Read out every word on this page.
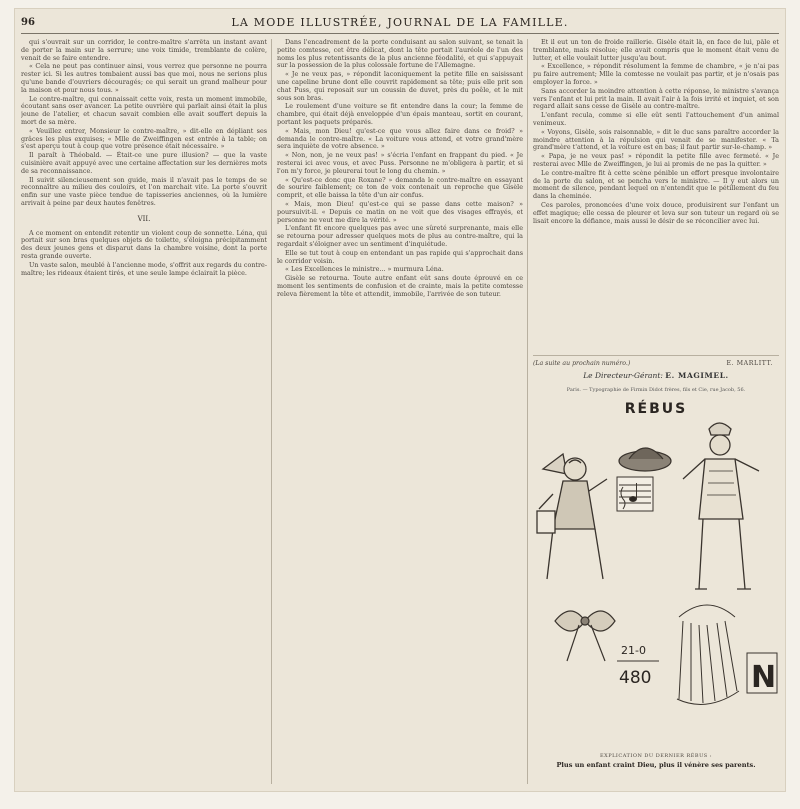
96	LA MODE ILLUSTRÉE, JOURNAL DE LA FAMILLE.

qui s'ouvrait sur un corridor, le contre-maître s'arrêta un instant avant de porter la main sur la serrure; une voix timide, tremblante de colère, venait de se faire entendre.

« Cela ne peut pas continuer ainsi, vous verrez que personne ne pourra rester ici. Si les autres tombaient aussi bas que moi, nous ne serions plus qu'une bande d'ouvriers découragés; ce qui serait un grand malheur pour la maison et pour nous tous. »

Le contre-maître, qui connaissait cette voix, resta un moment immobile, écoutant sans oser avancer. La petite ouvrière qui parlait ainsi était la plus jeune de l'atelier, et chacun savait combien elle avait souffert depuis la mort de sa mère.

« Veuillez entrer, Monsieur le contre-maître, » dit-elle en dépliant ses grâces les plus exquises; « Mlle de Zweiffingen est entrée à la table; on s'est aperçu tout à coup que votre présence était nécessaire. »

Il paraît à Théobald. — Était-ce une pure illusion? — que la vaste cuisinière avait appuyé avec une certaine affectation sur les dernières mots de sa reconnaissance.

Il suivit silencieusement son guide, mais il n'avait pas le temps de se reconnaître au milieu des couloirs, et l'on marchait vite. La porte s'ouvrit enfin sur une vaste pièce tendue de tapisseries anciennes, où la lumière arrivait à peine par deux hautes fenêtres.

VII.

A ce moment on entendit retentir un violent coup de sonnette. Léna, qui portait sur son bras quelques objets de toilette, s'éloigna précipitamment des deux jeunes gens et disparut dans la chambre voisine, dont la porte resta grande ouverte.

Un vaste salon, meublé à l'ancienne mode, s'offrit aux regards du contre-maître; les rideaux étaient tirés, et une seule lampe éclairait la pièce.

Dans l'encadrement de la porte conduisant au salon suivant, se tenait la petite comtesse, cet être délicat, dont la tête portait l'auréole de l'un des noms les plus retentissants de la plus ancienne féodalité, et qui s'appuyait sur la possession de la plus colossale fortune de l'Allemagne.

« Je ne veux pas, » répondit laconiquement la petite fille en saisissant une capeline brune dont elle couvrit rapidement sa tête; puis elle prit son chat Puss, qui reposait sur un coussin de duvet, près du poêle, et le mit sous son bras.

Le roulement d'une voiture se fit entendre dans la cour; la femme de chambre, qui était déjà enveloppée d'un épais manteau, sortit en courant, portant les paquets préparés.

« Mais, mon Dieu! qu'est-ce que vous allez faire dans ce froid? » demanda le contre-maître. « La voiture vous attend, et votre grand'mère sera inquiète de votre absence. »

« Non, non, je ne veux pas! » s'écria l'enfant en frappant du pied. « Je resterai ici avec vous, et avec Puss. Personne ne m'obligera à partir, et si l'on m'y force, je pleurerai tout le long du chemin. »

« Qu'est-ce donc que Roxane? » demanda le contre-maître en essayant de sourire faiblement; ce ton de voix contenait un reproche que Gisèle comprit, et elle baissa la tête d'un air confus.

« Mais, mon Dieu! qu'est-ce qui se passe dans cette maison? » poursuivit-il. « Depuis ce matin on ne voit que des visages effrayés, et personne ne veut me dire la vérité. »

L'enfant fit encore quelques pas avec une sûreté surprenante, mais elle se retourna pour adresser quelques mots de plus au contre-maître, qui la regardait s'éloigner avec un sentiment d'inquiétude.

Elle se tut tout à coup en entendant un pas rapide qui s'approchait dans le corridor voisin.

« Les Excellences le ministre... » murmura Léna.

Gisèle se retourna. Toute autre enfant eût sans doute éprouvé en ce moment les sentiments de confusion et de crainte, mais la petite comtesse releva fièrement la tête et attendit, immobile, l'arrivée de son tuteur.

Et il eut un ton de froide raillerie. Gisèle était là, en face de lui, pâle et tremblante, mais résolue; elle avait compris que le moment était venu de lutter, et elle voulait lutter jusqu'au bout.

« Excellence, » répondit résolument la femme de chambre, « je n'ai pas pu faire autrement; Mlle la comtesse ne voulait pas partir, et je n'osais pas employer la force. »

Sans accorder la moindre attention à cette réponse, le ministre s'avança vers l'enfant et lui prit la main. Il avait l'air à la fois irrité et inquiet, et son regard allait sans cesse de Gisèle au contre-maître.

L'enfant recula, comme si elle eût senti l'attouchement d'un animal venimeux.

« Voyons, Gisèle, sois raisonnable, » dit le duc sans paraître accorder la moindre attention à la répulsion qui venait de se manifester. « Ta grand'mère t'attend, et la voiture est en bas; il faut partir sur-le-champ. »

« Papa, je ne veux pas! » répondit la petite fille avec fermeté. « Je resterai avec Mlle de Zweiffingen, je lui ai promis de ne pas la quitter. »

Le contre-maître fit à cette scène pénible un effort presque involontaire de la porte du salon, et se pencha vers le ministre. — Il y eut alors un moment de silence, pendant lequel on n'entendit que le pétillement du feu dans la cheminée.

Ces paroles, prononcées d'une voix douce, produisirent sur l'enfant un effet magique; elle cessa de pleurer et leva sur son tuteur un regard où se lisait encore la défiance, mais aussi le désir de se réconcilier avec lui.

(La suite au prochain numéro.)	E. MARLITT.
Le Directeur-Gérant: E. MAGIMEL.
Paris. — Typographie de Firmin Didot frères, fils et Cie, rue Jacob, 56.
21-0
480	N
RÉBUS
EXPLICATION DU DERNIER RÉBUS :
Plus un enfant craint Dieu, plus il vénère ses parents.
